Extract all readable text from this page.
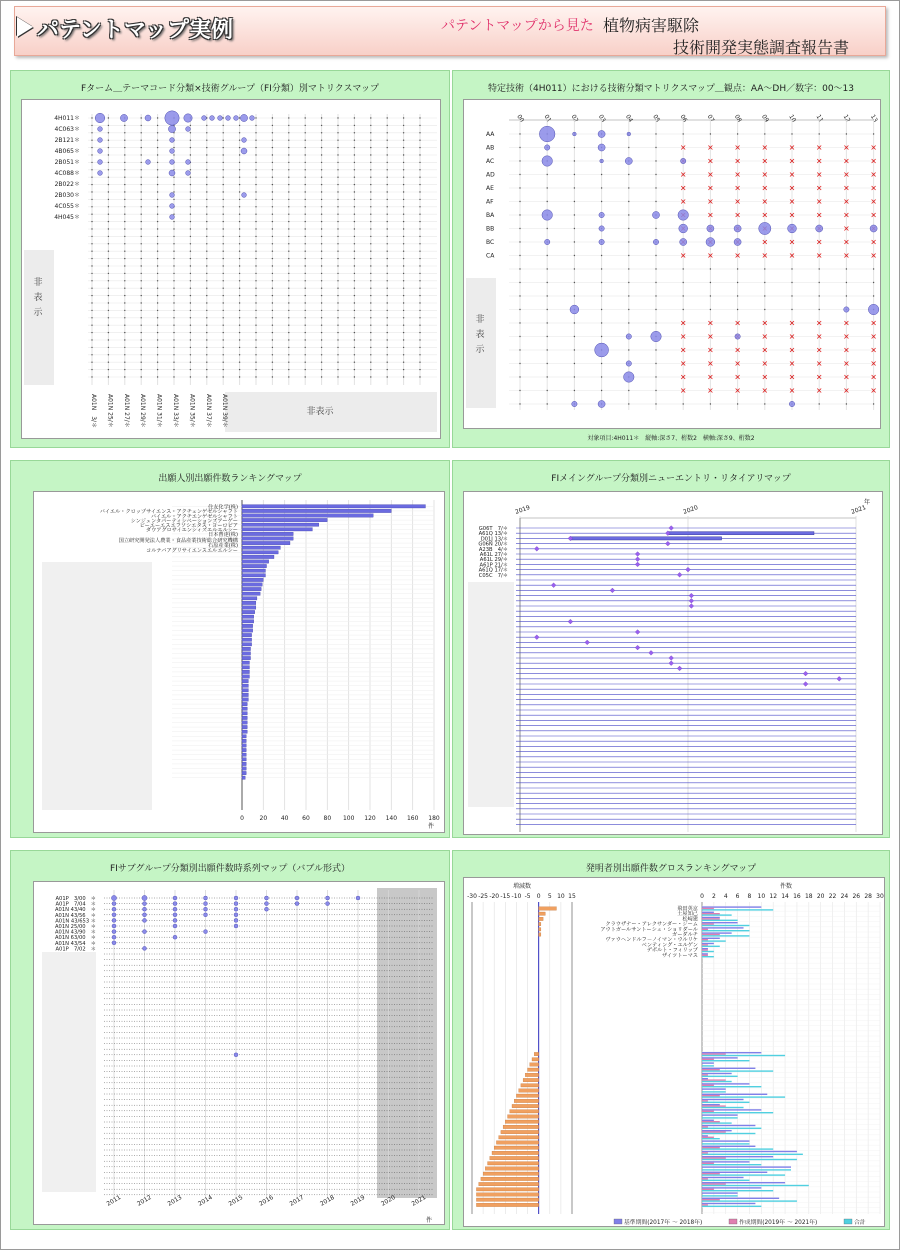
パテントマップ実例	パテントマップから見た 植物病害駆除
技術開発実態調査報告書
Fターム＿テーマコード分類×技術グループ（FI分類）別マトリクスマップ
非
表
示
非表示
4H011＊
4C063＊
2B121＊
4B065＊
2B051＊
4C088＊
2B022＊
2B030＊
4C055＊
4H045＊
A01N　3/＊ A01N 25/＊ A01N 27/＊ A01N 29/＊ A01N 31/＊ A01N 33/＊ A01N 35/＊ A01N 37/＊ A01N 39/＊
特定技術（4H011）における技術分類マトリクスマップ＿観点：AA～DH／数字：00～13
00	01	02	03	04	05	06	07	08	09	10	11	12	13
非
表
示
AA
AB
AC
AD
AE
AF
BA
BB
BC
CA
対象項目:4H011＊　縦軸:深さ7、桁数2　横軸:深さ9、桁数2
出願人別出願件数ランキングマップ
0	20 40 60 80 100 120 140 160 180
件
住友化学(株)
バイエル・クロップサイエンス・アクチェンゲゼルシャフト
バイエル・アクチエンゲゼルシャフト
シンジェンタパーティシペーションズアーゲー
ビーエーエスエフソシエタス・ヨーロピア
ダウアグロサイエンシィズエルエルシー
日本曹達(株)
国立研究開発法人農業・食品産業技術総合研究機構
石原産業(株)
コルテバアグリサイエンスエルエルシー
FIメイングループ分類別ニューエントリ・リタイアリマップ
2019	2020	2021
年
G06T　7/＊
A61Q 13/＊
D01J 13/＊
G06N 20/＊
A23B　4/＊
A61L 27/＊
A61L 29/＊
A61P 21/＊
A61Q 17/＊
C05C　7/＊
FIサブグループ分類別出願件数時系列マップ（バブル形式）
2011 2012 2013 2014 2015 2016 2017 2018 2019 2020 2021
件
A01P　3/00　＊
A01P　7/04　＊
A01N 43/40　＊
A01N 43/56　＊
A01N 43/653 ＊
A01N 25/00　＊
A01N 43/90　＊
A01N 63/00　＊
A01N 43/54　＊
A01P　7/02　＊
発明者別出願件数グロスランキングマップ
増減数
-30 -25 -20 -15 -10 -5 0 5 10 15
件数
0 2 4 6 8 10 12 14 16 18 20 22 24 26 28 30
飛田英京
土屋知己
松崎建
クラウザナー・アレクサンダー・ジーム
アウトガールサントーシュ・ショリダール
ガーダルチ
ヴァウヘンドルフ－ノイマン・ウルリケ
ベンティング・ユルゲン
デボルト・フィリップ
ザイツトーマス
基準期間(2017年 ～ 2018年)	作成期間(2019年 ～ 2021年)	合計
